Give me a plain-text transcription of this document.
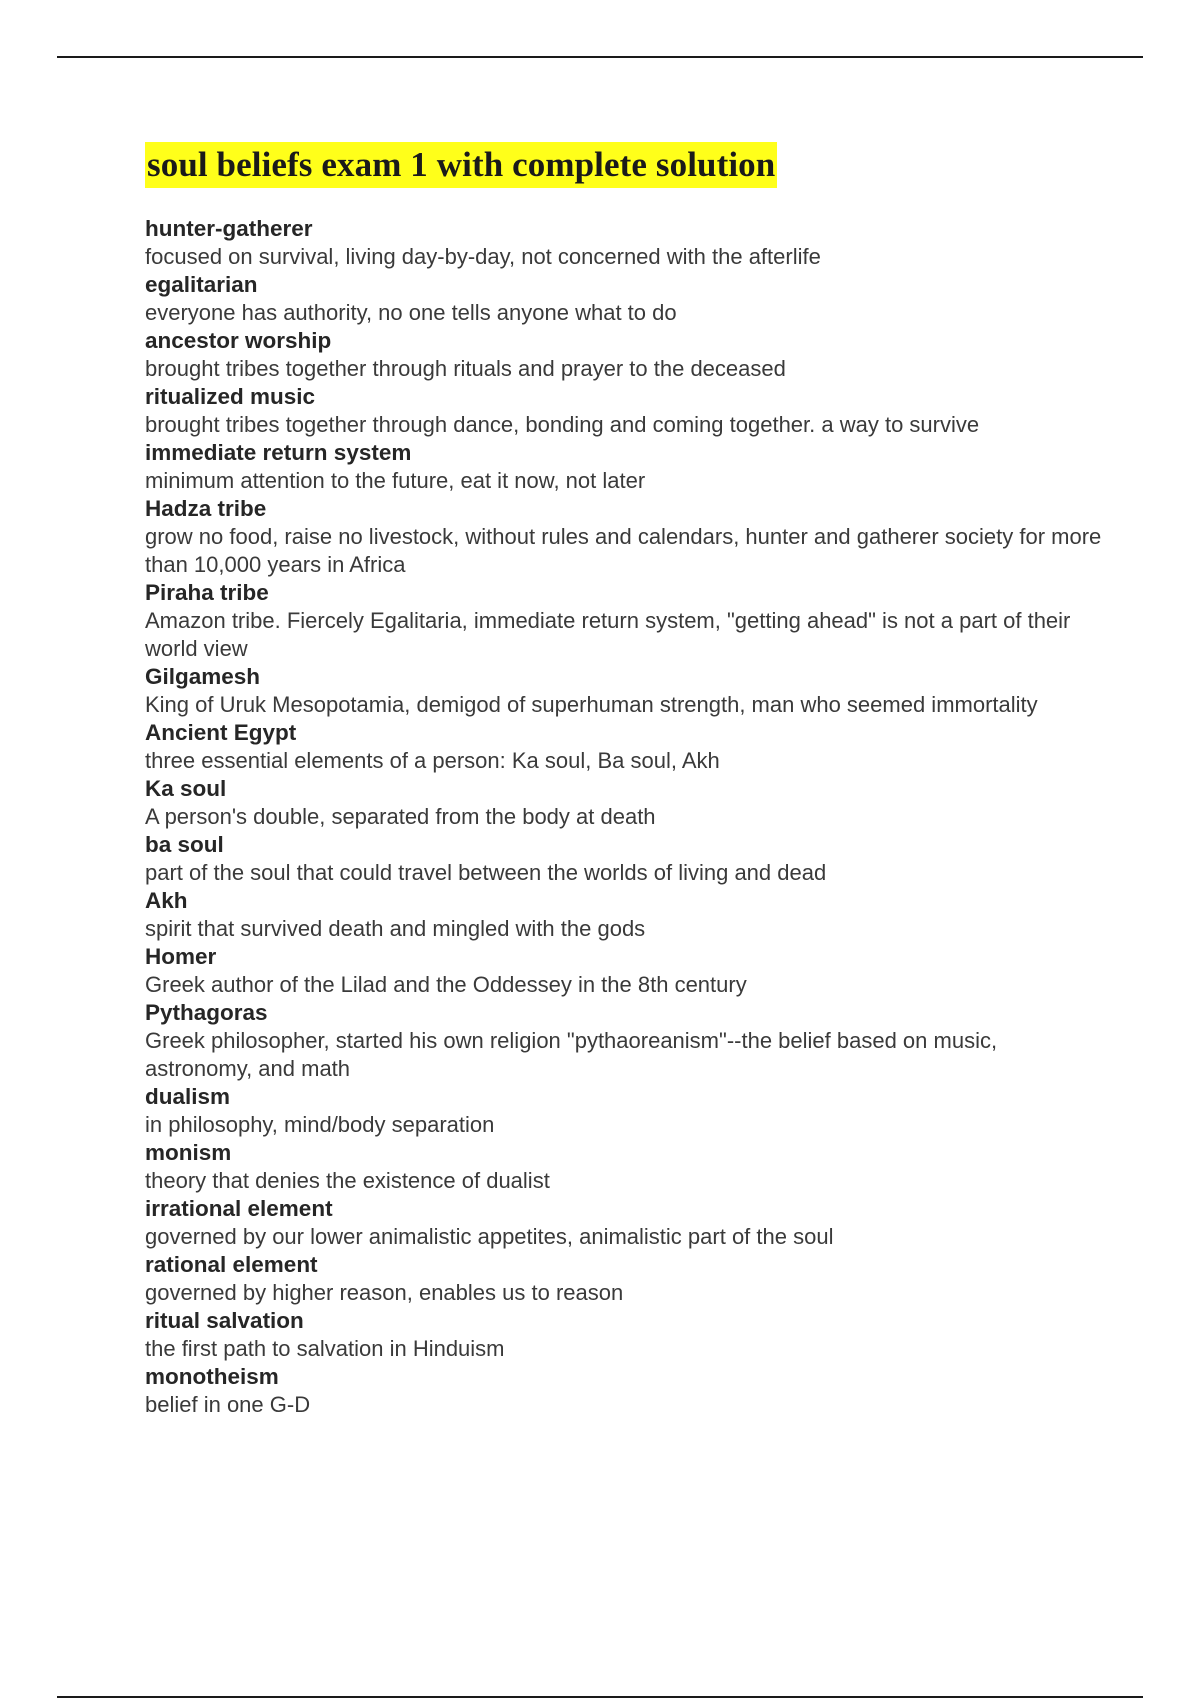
soul beliefs exam 1 with complete solution
hunter-gatherer
focused on survival, living day-by-day, not concerned with the afterlife
egalitarian
everyone has authority, no one tells anyone what to do
ancestor worship
brought tribes together through rituals and prayer to the deceased
ritualized music
brought tribes together through dance, bonding and coming together. a way to survive
immediate return system
minimum attention to the future, eat it now, not later
Hadza tribe
grow no food, raise no livestock, without rules and calendars, hunter and gatherer society for more than 10,000 years in Africa
Piraha tribe
Amazon tribe. Fiercely Egalitaria, immediate return system, "getting ahead" is not a part of their world view
Gilgamesh
King of Uruk Mesopotamia, demigod of superhuman strength, man who seemed immortality
Ancient Egypt
three essential elements of a person: Ka soul, Ba soul, Akh
Ka soul
A person's double, separated from the body at death
ba soul
part of the soul that could travel between the worlds of living and dead
Akh
spirit that survived death and mingled with the gods
Homer
Greek author of the Lilad and the Oddessey in the 8th century
Pythagoras
Greek philosopher, started his own religion "pythaoreanism"--the belief based on music, astronomy, and math
dualism
in philosophy, mind/body separation
monism
theory that denies the existence of dualist
irrational element
governed by our lower animalistic appetites, animalistic part of the soul
rational element
governed by higher reason, enables us to reason
ritual salvation
the first path to salvation in Hinduism
monotheism
belief in one G-D
